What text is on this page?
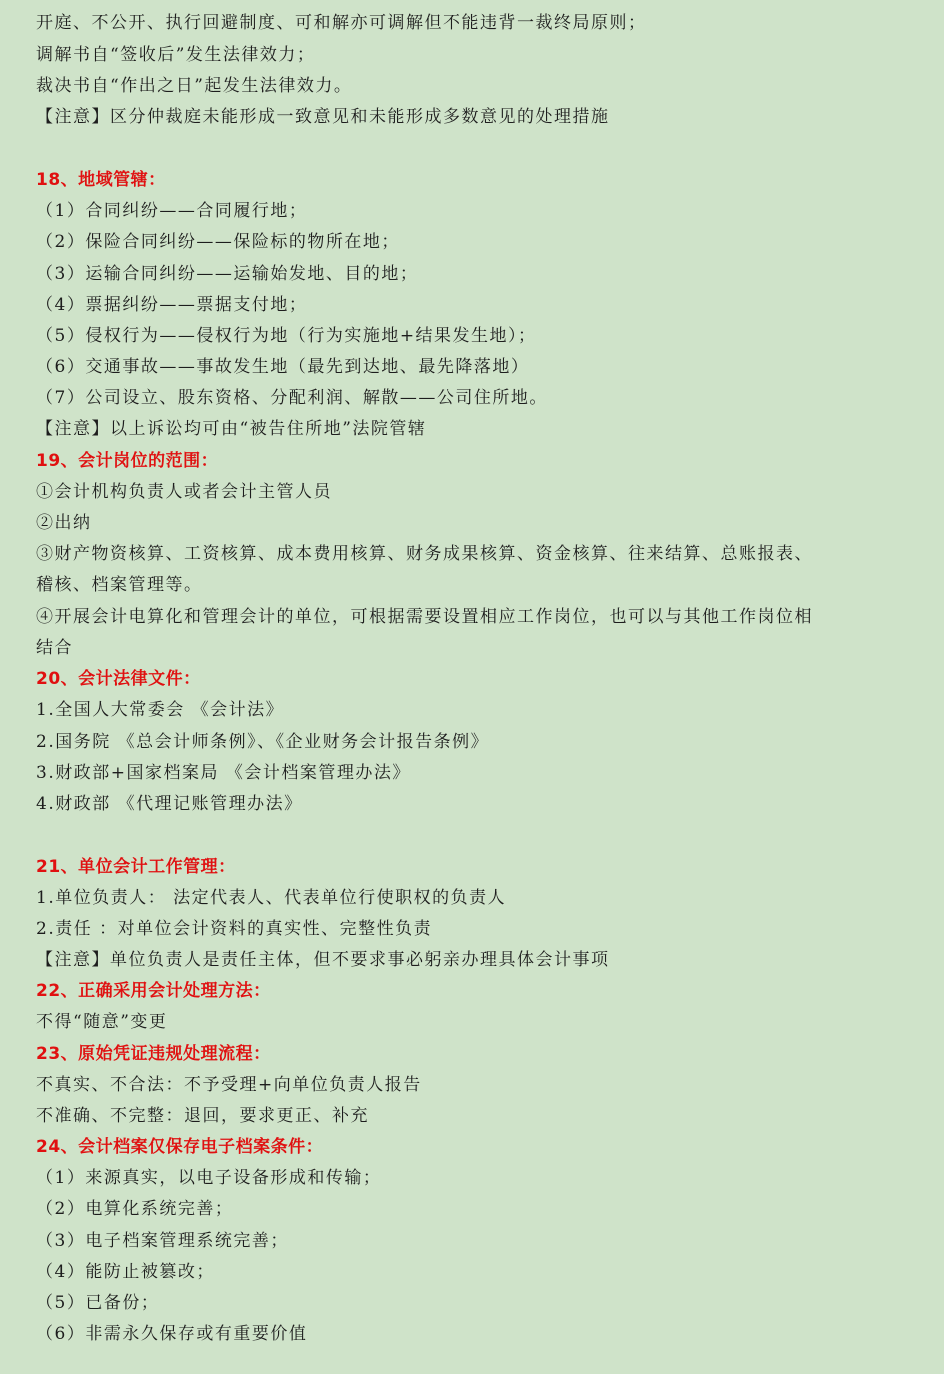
开庭、不公开、执行回避制度、可和解亦可调解但不能违背一裁终局原则；
调解书自“签收后”发生法律效力；
裁决书自“作出之日”起发生法律效力。
【注意】区分仲裁庭未能形成一致意见和未能形成多数意见的处理措施
18、地域管辖：
（1）合同纠纷——合同履行地；
（2）保险合同纠纷——保险标的物所在地；
（3）运输合同纠纷——运输始发地、目的地；
（4）票据纠纷——票据支付地；
（5）侵权行为——侵权行为地（行为实施地+结果发生地）；
（6）交通事故——事故发生地（最先到达地、最先降落地）
（7）公司设立、股东资格、分配利润、解散——公司住所地。
【注意】以上诉讼均可由“被告住所地”法院管辖
19、会计岗位的范围：
①会计机构负责人或者会计主管人员
②出纳
③财产物资核算、工资核算、成本费用核算、财务成果核算、资金核算、往来结算、总账报表、
稽核、档案管理等。
④开展会计电算化和管理会计的单位，可根据需要设置相应工作岗位，也可以与其他工作岗位相
结合
20、会计法律文件：
1.全国人大常委会 《会计法》
2.国务院 《总会计师条例》、《企业财务会计报告条例》
3.财政部+国家档案局 《会计档案管理办法》
4.财政部 《代理记账管理办法》
21、单位会计工作管理：
1.单位负责人： 法定代表人、代表单位行使职权的负责人
2.责任 ：对单位会计资料的真实性、完整性负责
【注意】单位负责人是责任主体，但不要求事必躬亲办理具体会计事项
22、正确采用会计处理方法：
不得“随意”变更
23、原始凭证违规处理流程：
不真实、不合法：不予受理+向单位负责人报告
不准确、不完整：退回，要求更正、补充
24、会计档案仅保存电子档案条件：
（1）来源真实，以电子设备形成和传输；
（2）电算化系统完善；
（3）电子档案管理系统完善；
（4）能防止被篡改；
（5）已备份；
（6）非需永久保存或有重要价值
